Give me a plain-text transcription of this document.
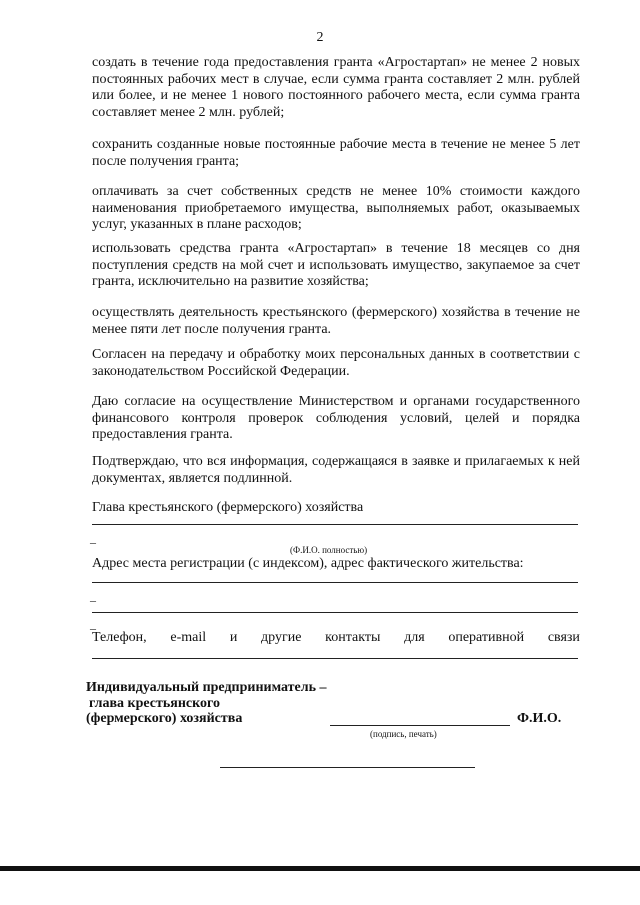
2

создать в течение года предоставления гранта «Агростартап» не менее 2 новых постоянных рабочих мест в случае, если сумма гранта составляет 2 млн. рублей или более, и не менее 1 нового постоянного рабочего места, если сумма гранта составляет менее 2 млн. рублей;

сохранить созданные новые постоянные рабочие места в течение не менее 5 лет после получения гранта;

оплачивать за счет собственных средств не менее 10% стоимости каждого наименования приобретаемого имущества, выполняемых работ, оказываемых услуг, указанных в плане расходов;

использовать средства гранта «Агростартап» в течение 18 месяцев со дня поступления средств на мой счет и использовать имущество, закупаемое за счет гранта, исключительно на развитие хозяйства;

осуществлять деятельность крестьянского (фермерского) хозяйства в течение не менее пяти лет после получения гранта.

Согласен на передачу и обработку моих персональных данных в соответствии с законодательством Российской Федерации.

Даю согласие на осуществление Министерством и органами государственного финансового контроля проверок соблюдения условий, целей и порядка предоставления гранта.

Подтверждаю, что вся информация, содержащаяся в заявке и прилагаемых к ней документах, является подлинной.

Глава крестьянского (фермерского) хозяйства
–
(Ф.И.О. полностью)
Адрес места регистрации (с индексом), адрес фактического жительства:
–
–
Телефон, e-mail и другие контакты для оперативной связи
Индивидуальный предприниматель –
глава крестьянского
(фермерского) хозяйства	Ф.И.О.
(подпись, печать)
